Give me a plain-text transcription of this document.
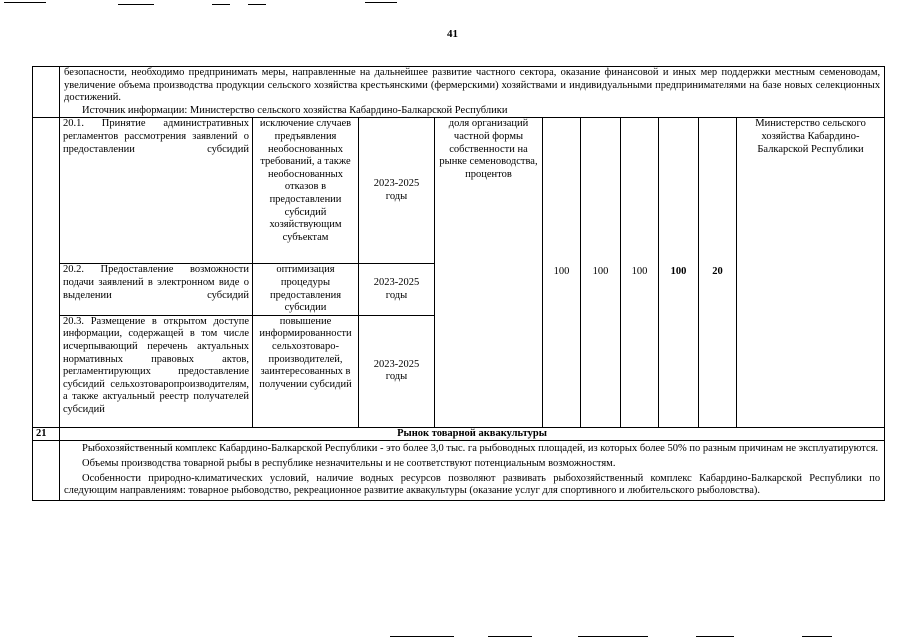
41

	безопасности, необходимо предпринимать меры, направленные на дальнейшее развитие частного сектора, оказание финансовой и иных мер поддержки местным семеноводам, увеличение объема производства продукции сельского хозяйства крестьянскими (фермерскими) хозяйствами и индивидуальными предпринимателями на базе новых селекционных достижений.
Источник информации: Министерство сельского хозяйства Кабардино-Балкарской Республики									

	20.1. Принятие административных регламентов рассмотрения заявлений о предоставлении субсидий	исключение случаев предъявления необоснованных требований, а также необоснованных отказов в предоставлении субсидий хозяйствующим субъектам	2023-2025 годы	доля организаций частной формы собственности на рынке семеноводства, процентов	100	100	100	100	20	Министерство сельского хозяйства Кабардино-Балкарской Республики
	20.2. Предоставление возможности подачи заявлений в электронном виде о выделении субсидий	оптимизация процедуры предоставления субсидии	2023-2025 годы							
	20.3. Размещение в открытом доступе информации, содержащей в том числе исчерпывающий перечень актуальных нормативных правовых актов, регламентирующих предоставление субсидий сельхозтоваропроизводителям, а также актуальный реестр получателей субсидий	повышение информированности сельхозтоваро-производителей, заинтересованных в получении субсидий	2023-2025 годы							
21	Рынок товарной аквакультуры									

	Рыбохозяйственный комплекс Кабардино-Балкарской Республики - это более 3,0 тыс. га рыбоводных площадей, из которых более 50% по разным причинам не эксплуатируются.
Объемы производства товарной рыбы в республике незначительны и не соответствуют потенциальным возможностям.
Особенности природно-климатических условий, наличие водных ресурсов позволяют развивать рыбохозяйственный комплекс Кабардино-Балкарской Республики по следующим направлениям: товарное рыбоводство, рекреационное развитие аквакультуры (оказание услуг для спортивного и любительского рыболовства).									
